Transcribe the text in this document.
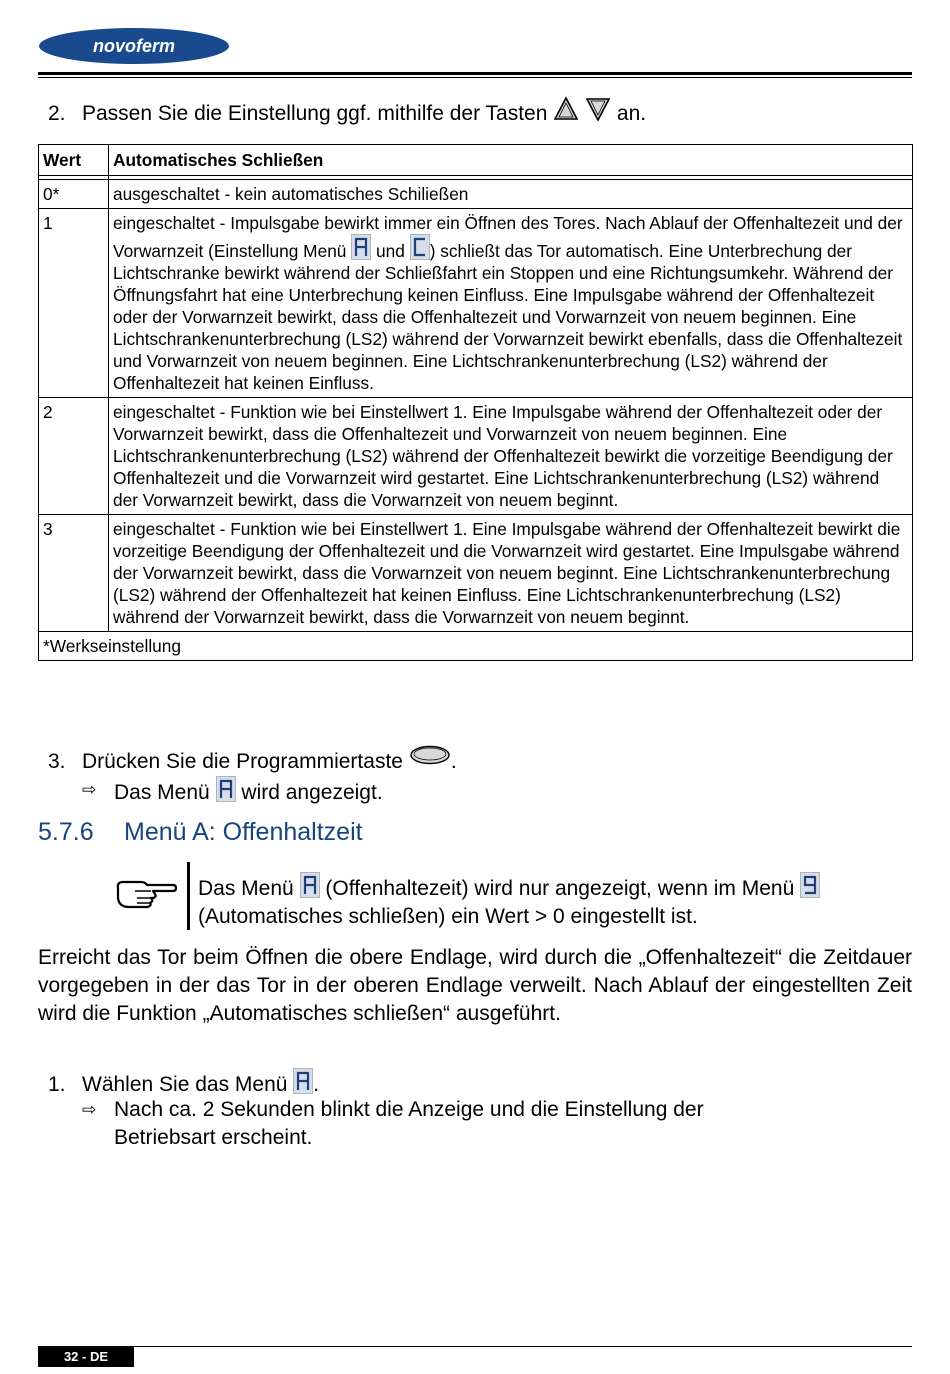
novoferm
2. Passen Sie die Einstellung ggf. mithilfe der Tasten	an.
Wert	Automatisches Schließen

0*	ausgeschaltet - kein automatisches Schiließen
1	eingeschaltet - Impulsgabe bewirkt immer ein Öffnen des Tores. Nach Ablauf der Offenhaltezeit und der Vorwarnzeit (Einstellung Menü und ) schließt das Tor automatisch. Eine Unterbrechung der Lichtschranke bewirkt während der Schließfahrt ein Stoppen und eine Richtungsumkehr. Während der Öffnungsfahrt hat eine Unterbrechung keinen Einfluss. Eine Impulsgabe während der Offenhaltezeit oder der Vorwarnzeit bewirkt, dass die Offenhaltezeit und Vorwarnzeit von neuem beginnen. Eine Lichtschrankenunterbrechung (LS2) während der Vorwarnzeit bewirkt ebenfalls, dass die Offenhaltezeit und Vorwarnzeit von neuem beginnen. Eine Lichtschrankenunterbrechung (LS2) während der Offenhaltezeit hat keinen Einfluss.
2	eingeschaltet - Funktion wie bei Einstellwert 1. Eine Impulsgabe während der Offenhaltezeit oder der Vorwarnzeit bewirkt, dass die Offenhaltezeit und Vorwarnzeit von neuem beginnen. Eine Lichtschrankenunterbrechung (LS2) während der Offenhaltezeit bewirkt die vorzeitige Beendigung der Offenhaltezeit und die Vorwarnzeit wird gestartet. Eine Lichtschrankenunterbrechung (LS2) während der Vorwarnzeit bewirkt, dass die Vorwarnzeit von neuem beginnt.
3	eingeschaltet - Funktion wie bei Einstellwert 1. Eine Impulsgabe während der Offenhaltezeit bewirkt die vorzeitige Beendigung der Offenhaltezeit und die Vorwarnzeit wird gestartet. Eine Impulsgabe während der Vorwarnzeit bewirkt, dass die Vorwarnzeit von neuem beginnt. Eine Lichtschrankenunterbrechung (LS2) während der Offenhaltezeit hat keinen Einfluss. Eine Lichtschrankenunterbrechung (LS2) während der Vorwarnzeit bewirkt, dass die Vorwarnzeit von neuem beginnt.
*Werkseinstellung	
3. Drücken Sie die Programmiertaste .
⇨ Das Menü wird angezeigt.
5.7.6 Menü A: Offenhaltzeit
Das Menü (Offenhaltezeit) wird nur angezeigt, wenn im Menü
(Automatisches schließen) ein Wert > 0 eingestellt ist.
Erreicht das Tor beim Öffnen die obere Endlage, wird durch die „Offenhaltezeit“ die Zeitdauer vorgegeben in der das Tor in der oberen Endlage verweilt. Nach Ablauf der eingestellten Zeit wird die Funktion „Automatisches schließen“ ausgeführt.
1. Wählen Sie das Menü .
⇨ Nach ca. 2 Sekunden blinkt die Anzeige und die Einstellung der
Betriebsart erscheint.
32 - DE
